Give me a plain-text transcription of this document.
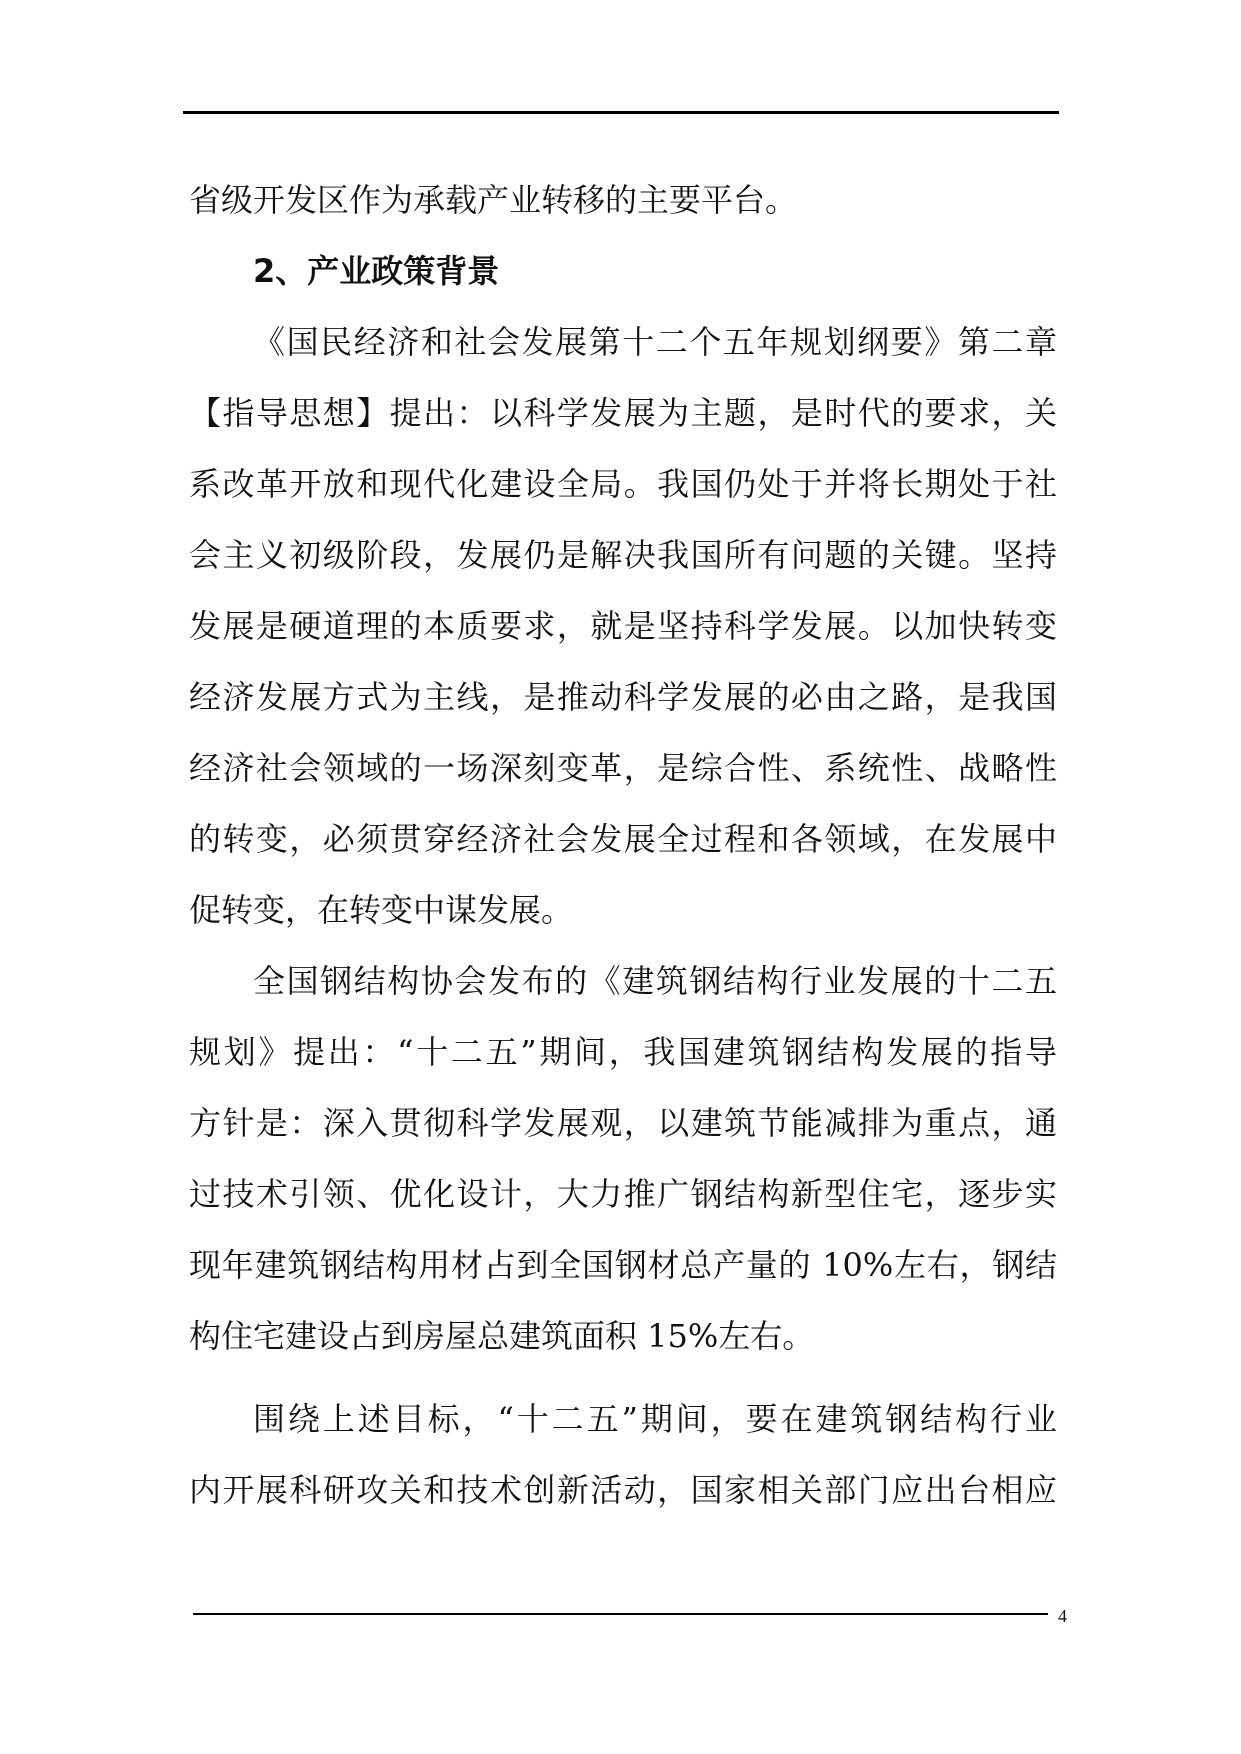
省级开发区作为承载产业转移的主要平台。
2、产业政策背景
《国民经济和社会发展第十二个五年规划纲要》第二章
【指导思想】提出：以科学发展为主题，是时代的要求，关
系改革开放和现代化建设全局。我国仍处于并将长期处于社
会主义初级阶段，发展仍是解决我国所有问题的关键。坚持
发展是硬道理的本质要求，就是坚持科学发展。以加快转变
经济发展方式为主线，是推动科学发展的必由之路，是我国
经济社会领域的一场深刻变革，是综合性、系统性、战略性
的转变，必须贯穿经济社会发展全过程和各领域，在发展中
促转变，在转变中谋发展。
全国钢结构协会发布的《建筑钢结构行业发展的十二五
规划》提出：“十二五”期间，我国建筑钢结构发展的指导
方针是：深入贯彻科学发展观，以建筑节能减排为重点，通
过技术引领、优化设计，大力推广钢结构新型住宅，逐步实
现年建筑钢结构用材占到全国钢材总产量的 10%左右，钢结
构住宅建设占到房屋总建筑面积 15%左右。
围绕上述目标，“十二五”期间，要在建筑钢结构行业
内开展科研攻关和技术创新活动，国家相关部门应出台相应
4
